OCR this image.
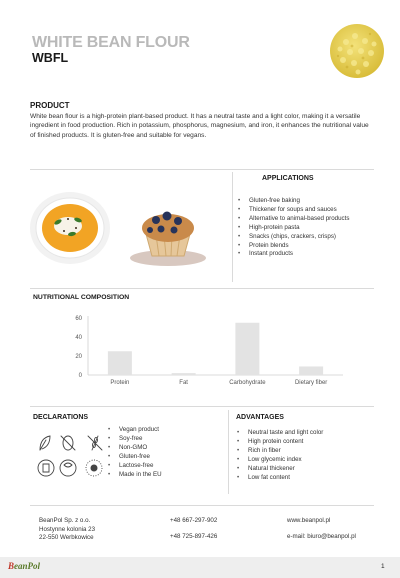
WHITE BEAN FLOUR
WBFL
PRODUCT
White bean flour is a high-protein plant-based product. It has a neutral taste and a light color, making it a versatile ingredient in food production. Rich in potassium, phosphorus, magnesium, and iron, it enhances the nutritional value of finished products. It is gluten-free and suitable for vegans.
APPLICATIONS
• Gluten-free baking
• Thickener for soups and sauces
• Alternative to animal-based products
• High-protein pasta
• Snacks (chips, crackers, crisps)
• Protein blends
• Instant products
NUTRITIONAL COMPOSITION
0
20
40
60
Protein	Fat	Carbohydrate	Dietary fiber
DECLARATIONS
• Vegan product
• Soy-free
• Non-GMO
• Gluten-free
• Lactose-free
• Made in the EU
ADVANTAGES
• Neutral taste and light color
• High protein content
• Rich in fiber
• Low glycemic index
• Natural thickener
• Low fat content
BeanPol Sp. z o.o.
Hostynne kolonia 23
22-550 Werbkowice
+48 667-297-902
+48 725-897-426
www.beanpol.pl
e-mail: biuro@beanpol.pl
BeanPol	1
